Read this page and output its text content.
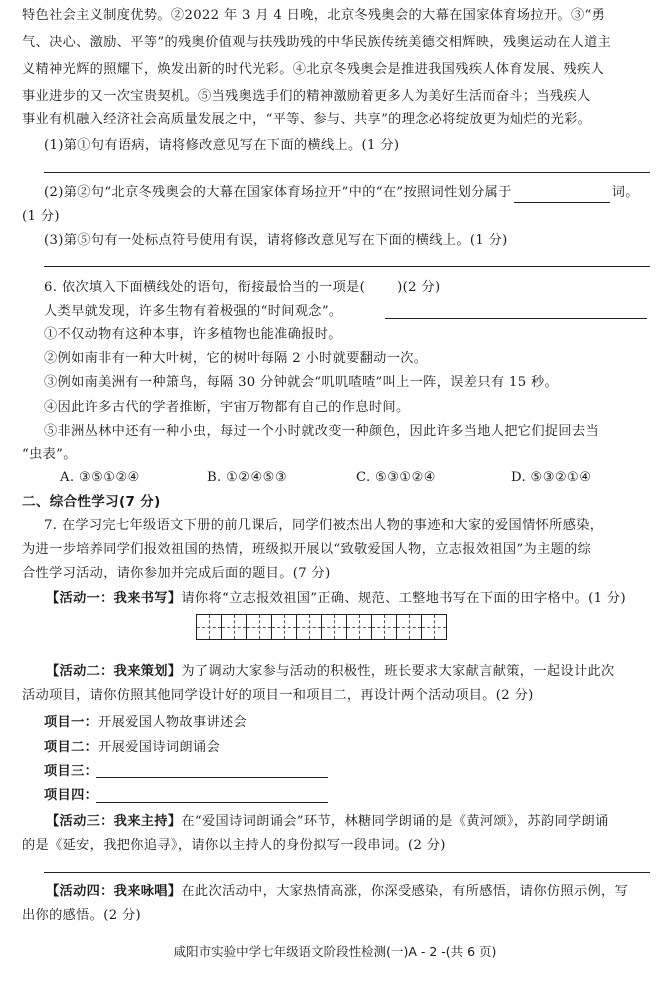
特色社会主义制度优势。②2022 年 3 月 4 日晚，北京冬残奥会的大幕在国家体育场拉开。③“勇
气、决心、激励、平等”的残奥价值观与扶残助残的中华民族传统美德交相辉映，残奥运动在人道主
义精神光辉的照耀下，焕发出新的时代光彩。④北京冬残奥会是推进我国残疾人体育发展、残疾人
事业进步的又一次宝贵契机。⑤当残奥选手们的精神激励着更多人为美好生活而奋斗；当残疾人
事业有机融入经济社会高质量发展之中，“平等、参与、共享”的理念必将绽放更为灿烂的光彩。
(1)第①句有语病，请将修改意见写在下面的横线上。(1 分)
(2)第②句“北京冬残奥会的大幕在国家体育场拉开”中的“在”按照词性划分属于	词。
(1 分)
(3)第⑤句有一处标点符号使用有误，请将修改意见写在下面的横线上。(1 分)
6. 依次填入下面横线处的语句，衔接最恰当的一项是( )(2 分)
人类早就发现，许多生物有着极强的“时间观念”。
①不仅动物有这种本事，许多植物也能准确报时。
②例如南非有一种大叶树，它的树叶每隔 2 小时就要翻动一次。
③例如南美洲有一种箫鸟，每隔 30 分钟就会“叽叽喳喳”叫上一阵，误差只有 15 秒。
④因此许多古代的学者推断，宇宙万物都有自己的作息时间。
⑤非洲丛林中还有一种小虫，每过一个小时就改变一种颜色，因此许多当地人把它们捉回去当
“虫表”。
A. ③⑤①②④	B. ①②④⑤③	C. ⑤③①②④	D. ⑤③②①④
二、综合性学习(7 分)
7. 在学习完七年级语文下册的前几课后，同学们被杰出人物的事迹和大家的爱国情怀所感染，
为进一步培养同学们报效祖国的热情，班级拟开展以“致敬爱国人物，立志报效祖国”为主题的综
合性学习活动，请你参加并完成后面的题目。(7 分)
【活动一：我来书写】请你将“立志报效祖国”正确、规范、工整地书写在下面的田字格中。(1 分)
【活动二：我来策划】为了调动大家参与活动的积极性，班长要求大家献言献策，一起设计此次
活动项目，请你仿照其他同学设计好的项目一和项目二，再设计两个活动项目。(2 分)
项目一：开展爱国人物故事讲述会
项目二：开展爱国诗词朗诵会
项目三：
项目四：
【活动三：我来主持】在“爱国诗词朗诵会”环节，林糖同学朗诵的是《黄河颂》，苏韵同学朗诵
的是《延安，我把你追寻》，请你以主持人的身份拟写一段串词。(2 分)
【活动四：我来咏唱】在此次活动中，大家热情高涨，你深受感染，有所感悟，请你仿照示例，写
出你的感悟。(2 分)
咸阳市实验中学七年级语文阶段性检测(一)A - 2 -(共 6 页)
